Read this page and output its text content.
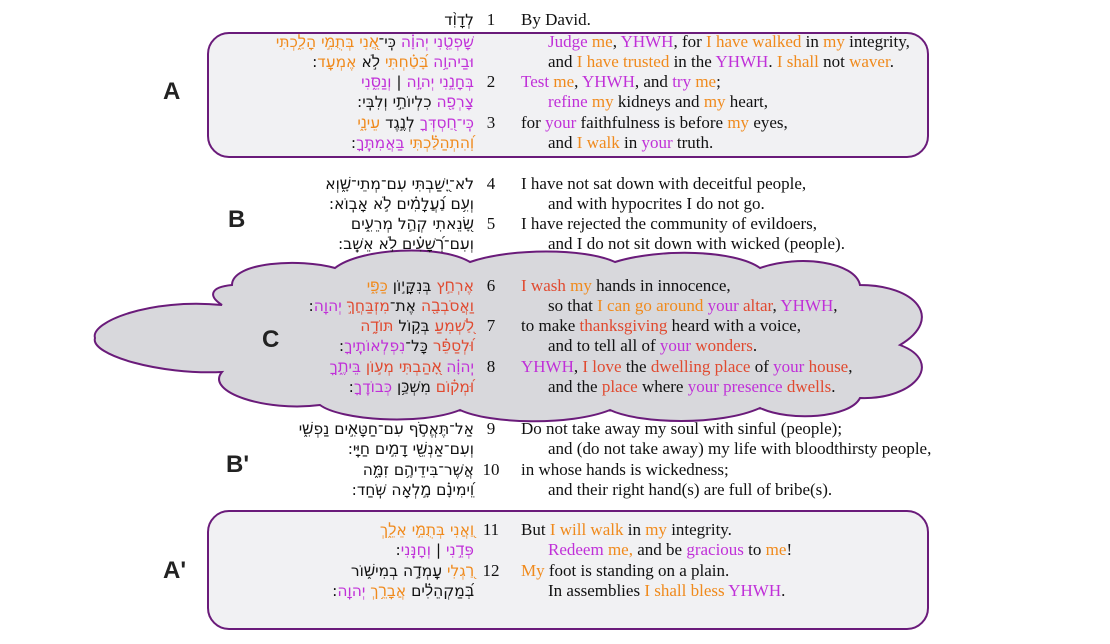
A
B
C
B'
A'
לְדָוִ֨ד 1	By David.
שָׁפְטֵ֤נִי יְהוָ֗ה כִּֽי־אֲ֭נִי בְּתֻמִּ֣י הָלַ֑כְתִּי	Judge me, YHWH, for I have walked in my integrity,
וּבַיהוָ֥ה בָּ֝טַ֗חְתִּי לֹ֣א אֶמְעָֽד:	and I have trusted in the YHWH. I shall not waver.
בְּחָנֵ֣נִי יְהוָ֣ה | וְנַסֵּ֑נִי	2	Test me, YHWH, and try me;
צָרְפָ֖ה כִלְיוֹתַ֣י וְלִבִּֽי:	refine my kidneys and my heart,
כִּֽי־חַ֭סְדְּךָ לְנֶ֣גֶד עֵינָ֑י	3	for your faithfulness is before my eyes,
וְ֝הִתְהַלַּ֗כְתִּי בַּאֲמִתֶּֽךָ:	and I walk in your truth.
לֹא־יָ֭שַׁבְתִּי עִם־מְתֵי־שָׁ֑וְא 4	I have not sat down with deceitful people,
וְעִ֥ם נַ֝עֲלָמִ֗ים לֹ֣א אָבֽוֹא:	and with hypocrites I do not go.
שָׂ֭נֵאתִי קְהַ֣ל מְרֵעִ֑ים 5	I have rejected the community of evildoers,
וְעִם־רְ֝שָׁעִ֗ים לֹ֣א אֵשֵֽׁב:	and I do not sit down with wicked (people).
אֶרְחַ֣ץ בְּנִקָּי֣וֹן כַּפָּ֑י	6	I wash my hands in innocence,
וַאֲסֹבְבָ֖ה אֶת־מִזְבַּחֲךָ֣ יְהוָֽה:	so that I can go around your altar, YHWH,
לַ֭שְׁמִעַ בְּק֣וֹל תּוֹדָ֑ה	7	to make thanksgiving heard with a voice,
וּ֝לְסַפֵּ֗ר כָּל־נִפְלְאוֹתֶֽיךָ:	and to tell all of your wonders.
יְֽהוָ֗ה אָ֭הַבְתִּי מְע֣וֹן בֵּיתֶ֑ךָ	8	YHWH, I love the dwelling place of your house,
וּ֝מְק֗וֹם מִשְׁכַּ֥ן כְּבוֹדֶֽךָ:	and the place where your presence dwells.
אַל־תֶּאֱסֹ֣ף עִם־חַטָּאִ֣ים נַפְשִׁ֑י 9	Do not take away my soul with sinful (people);
וְעִם־אַנְשֵׁ֖י דָמִ֣ים חַיָּֽי:	and (do not take away) my life with bloodthirsty people,
אֲשֶׁר־בִּידֵיהֶ֥ם זִמָּ֑ה 10	in whose hands is wickedness;
וִֽ֝ימִינָ֗ם מָ֣לְאָה שֹּֽׁחַד:	and their right hand(s) are full of bribe(s).
וַ֭אֲנִי בְּתֻמִּ֣י אֵלֵ֑ךְ	11	But I will walk in my integrity.
פְּדֵ֣נִי | וְחָנֵּֽנִי:	Redeem me, and be gracious to me!
רַ֭גְלִי עָֽמְדָ֣ה בְמִישׁ֑וֹר	12	My foot is standing on a plain.
בְּ֝מַקְהֵלִ֗ים אֲבָרֵ֥ךְ יְהוָֽה:	In assemblies I shall bless YHWH.
